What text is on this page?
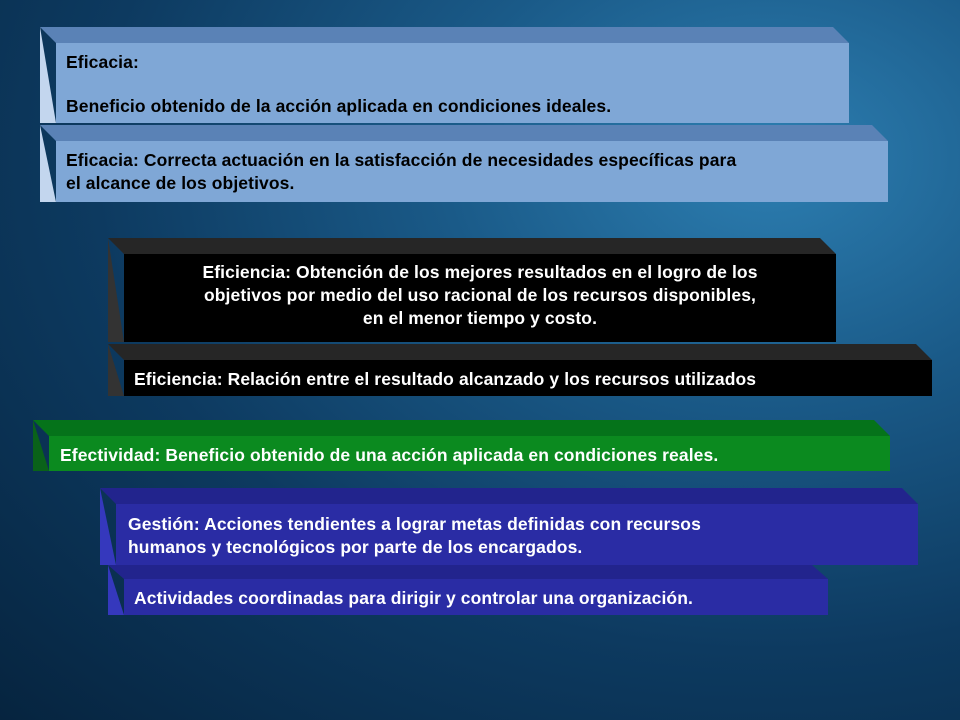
Eficacia:

Beneficio obtenido de la acción aplicada en condiciones ideales.

Eficacia: Correcta actuación en la satisfacción de necesidades específicas para

el alcance de los objetivos.

Eficiencia: Obtención de los mejores resultados en el logro de los

objetivos por medio del uso racional de los recursos disponibles,

en el menor tiempo y costo.

Eficiencia: Relación entre el resultado alcanzado y los recursos utilizados

Efectividad: Beneficio obtenido de una acción aplicada en condiciones reales.

Gestión: Acciones tendientes a lograr metas definidas con recursos

humanos y tecnológicos por parte de los encargados.

Actividades coordinadas para dirigir y controlar una organización.
